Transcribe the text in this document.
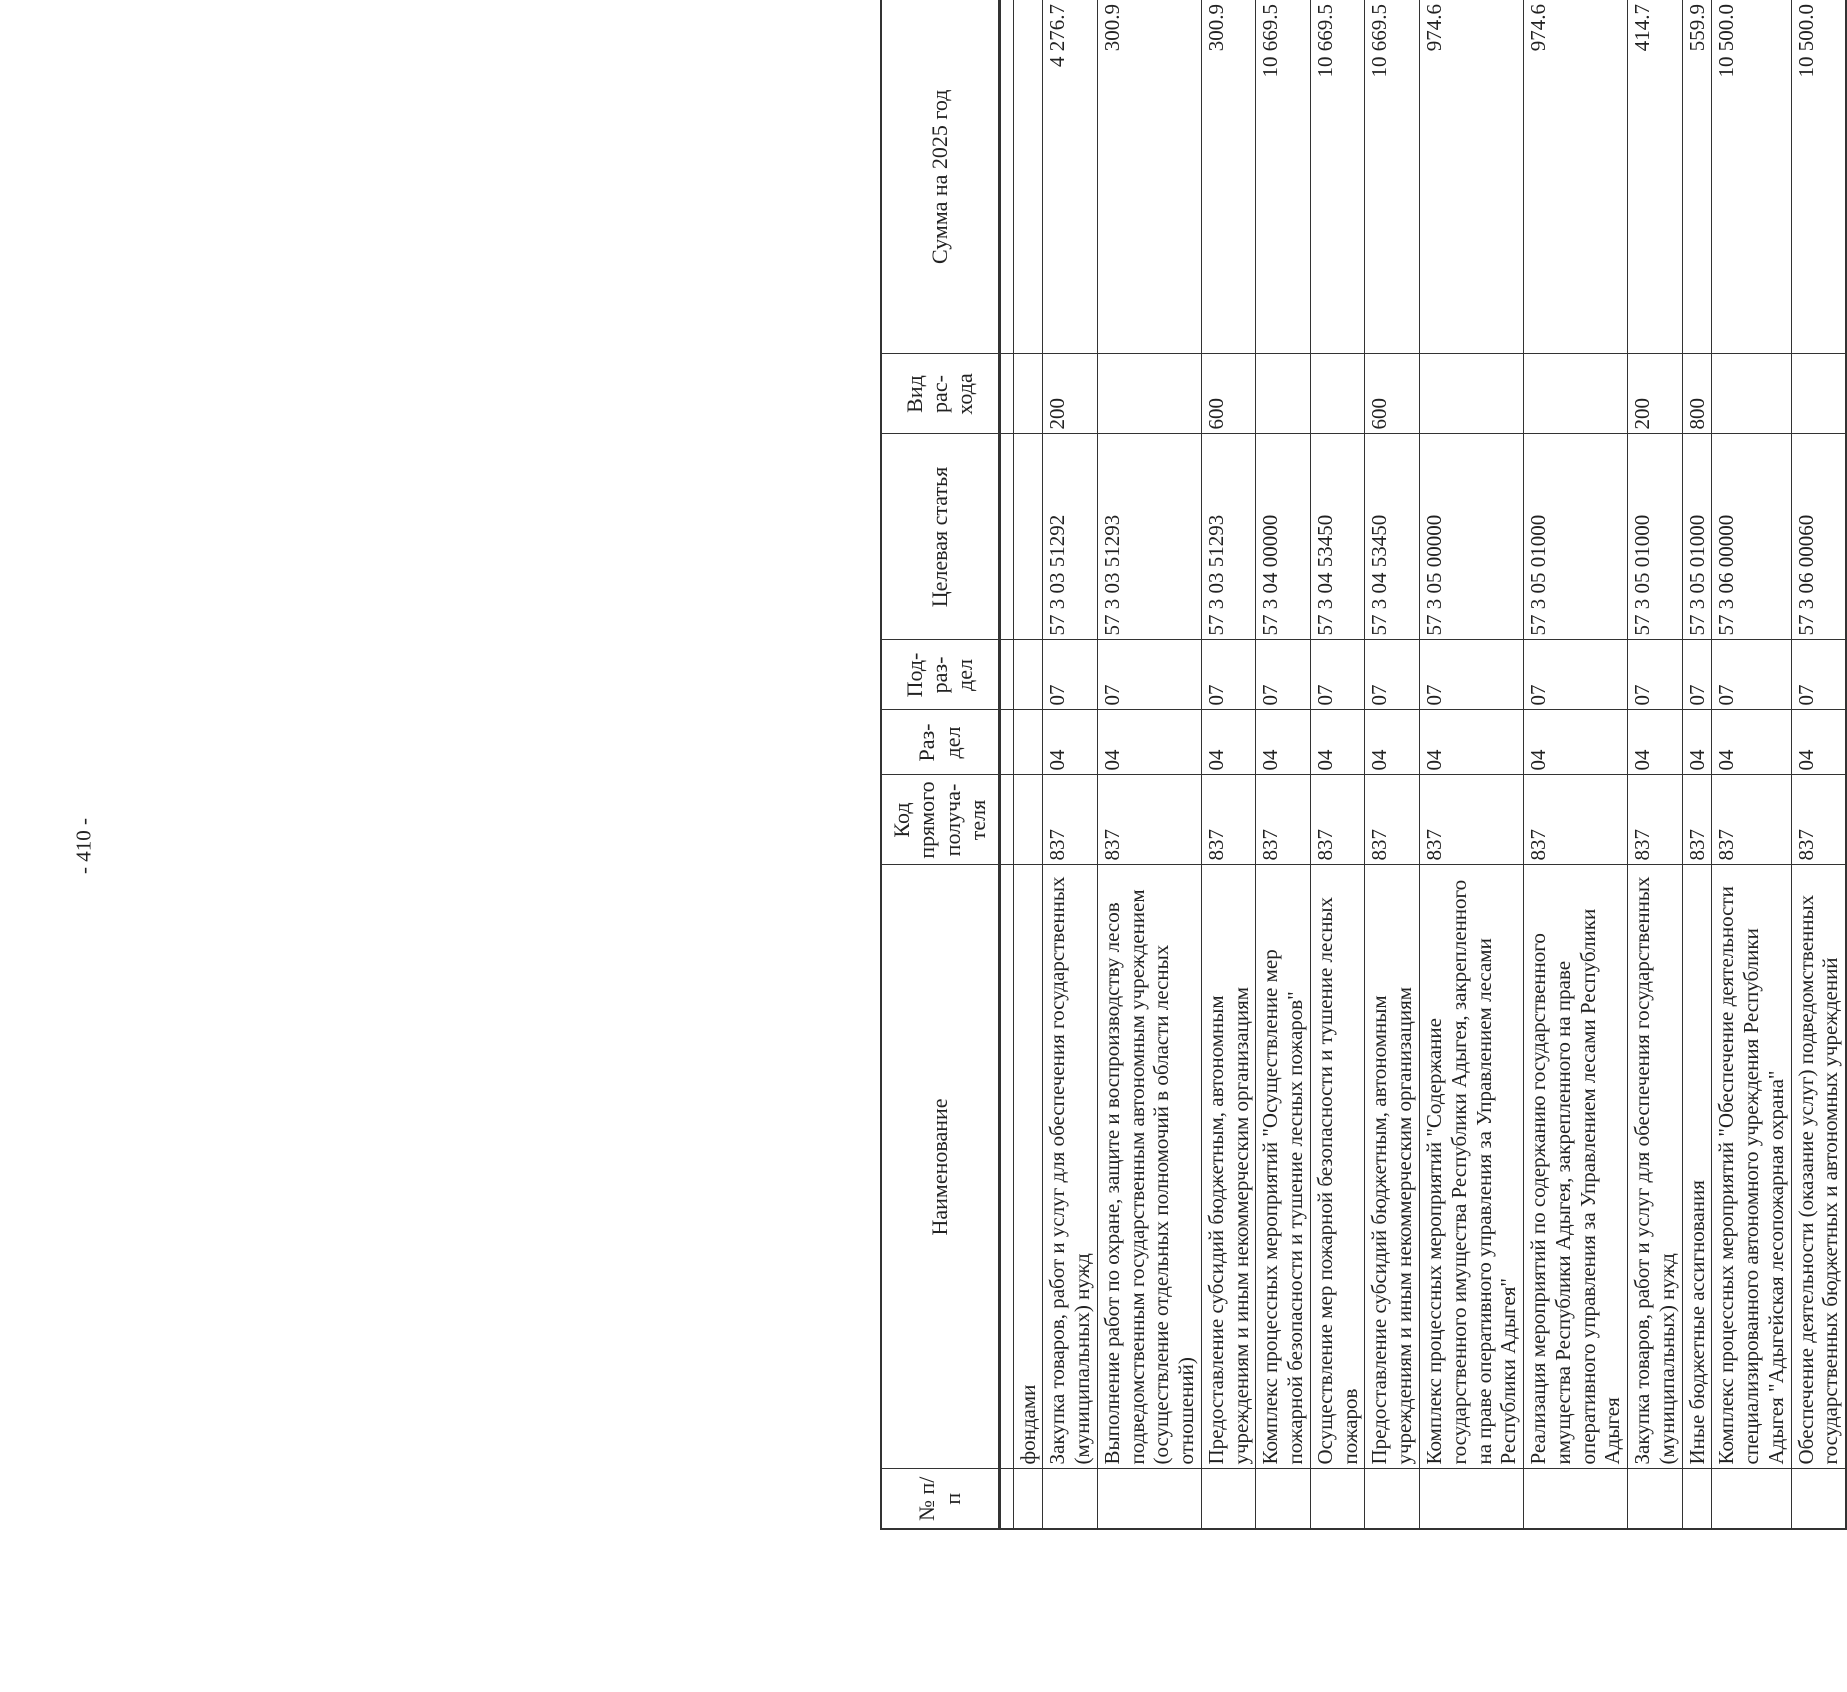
- 410 -
№ п/п	Наименование	Код прямого получа-теля	Раз-дел	Под-раз-дел	Целевая статья	Вид рас-хода	Сумма на 2025 год

	фондами						
	Закупка товаров, работ и услуг для обеспечения государственных (муниципальных) нужд	837	04	07	57 3 03 51292	200	4 276.7
	Выполнение работ по охране, защите и воспроизводству лесов подведомственным государственным автономным учреждением (осуществление отдельных полномочий в области лесных отношений)	837	04	07	57 3 03 51293		300.9
	Предоставление субсидий бюджетным, автономным учреждениям и иным некоммерческим организациям	837	04	07	57 3 03 51293	600	300.9
	Комплекс процессных мероприятий "Осуществление мер пожарной безопасности и тушение лесных пожаров"	837	04	07	57 3 04 00000		10 669.5
	Осуществление мер пожарной безопасности и тушение лесных пожаров	837	04	07	57 3 04 53450		10 669.5
	Предоставление субсидий бюджетным, автономным учреждениям и иным некоммерческим организациям	837	04	07	57 3 04 53450	600	10 669.5
	Комплекс процессных мероприятий "Содержание государственного имущества Республики Адыгея, закрепленного на праве оперативного управления за Управлением лесами Республики Адыгея"	837	04	07	57 3 05 00000		974.6
	Реализация мероприятий по содержанию государственного имущества Республики Адыгея, закрепленного на праве оперативного управления за Управлением лесами Республики Адыгея	837	04	07	57 3 05 01000		974.6
	Закупка товаров, работ и услуг для обеспечения государственных (муниципальных) нужд	837	04	07	57 3 05 01000	200	414.7
	Иные бюджетные ассигнования	837	04	07	57 3 05 01000	800	559.9
	Комплекс процессных мероприятий "Обеспечение деятельности специализированного автономного учреждения Республики Адыгея "Адыгейская лесопожарная охрана"	837	04	07	57 3 06 00000		10 500.0
	Обеспечение деятельности (оказание услуг) подведомственных государственных бюджетных и автономных учреждений	837	04	07	57 3 06 00060		10 500.0
